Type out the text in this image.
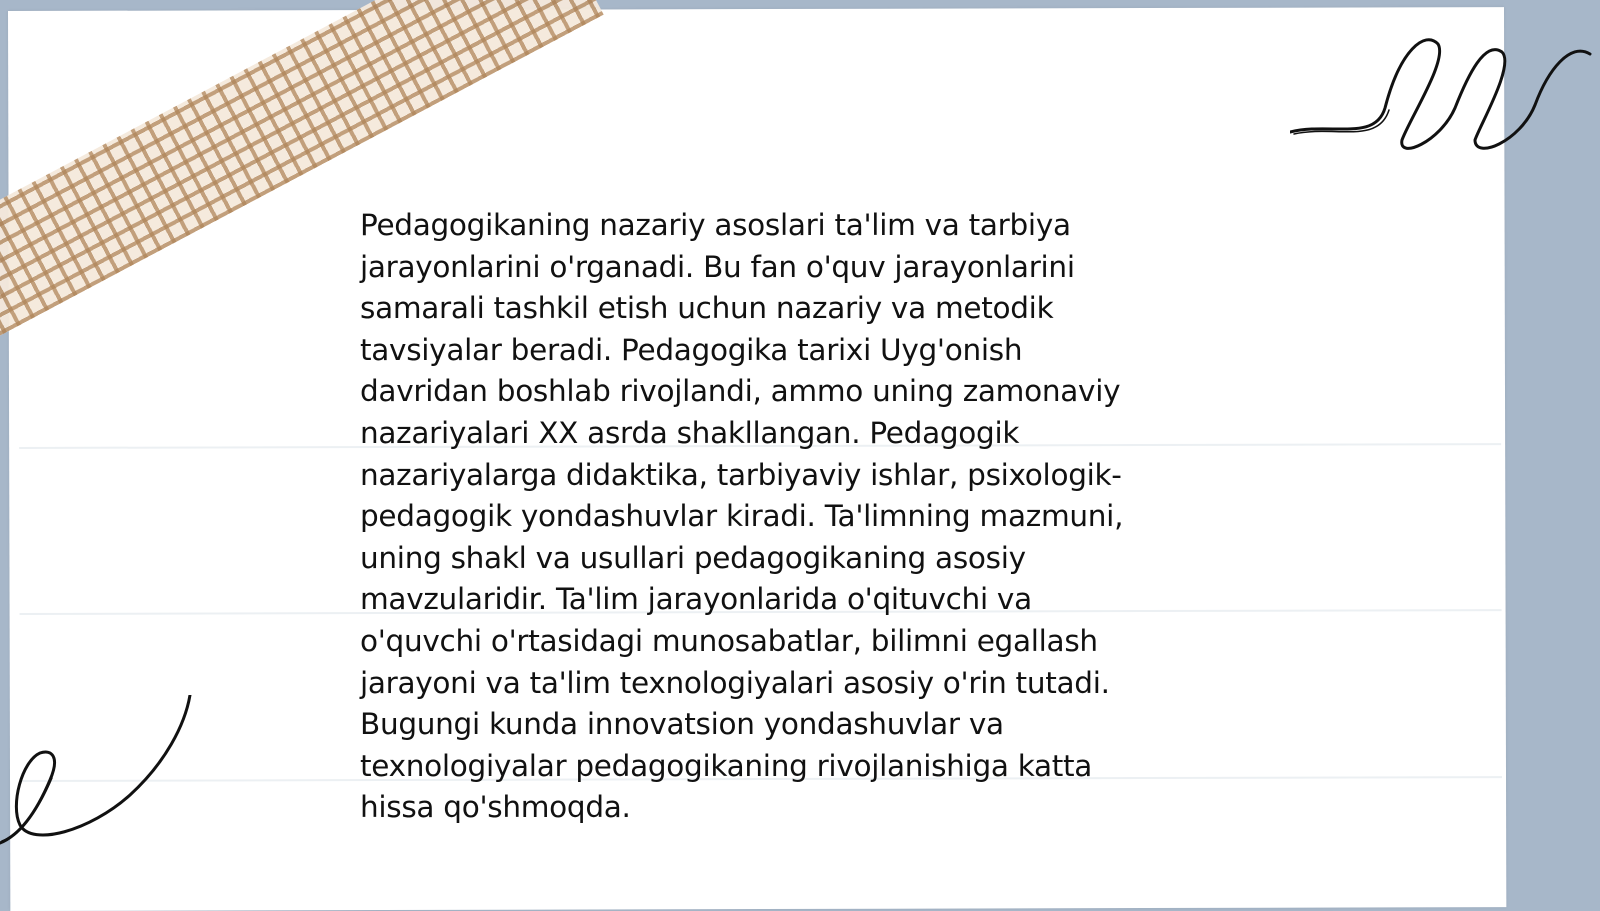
Pedagogikaning nazariy asoslari ta'lim va tarbiya
jarayonlarini o'rganadi. Bu fan o'quv jarayonlarini
samarali tashkil etish uchun nazariy va metodik
tavsiyalar beradi. Pedagogika tarixi Uyg'onish
davridan boshlab rivojlandi, ammo uning zamonaviy
nazariyalari XX asrda shakllangan. Pedagogik
nazariyalarga didaktika, tarbiyaviy ishlar, psixologik-
pedagogik yondashuvlar kiradi. Ta'limning mazmuni,
uning shakl va usullari pedagogikaning asosiy
mavzularidir. Ta'lim jarayonlarida o'qituvchi va
o'quvchi o'rtasidagi munosabatlar, bilimni egallash
jarayoni va ta'lim texnologiyalari asosiy o'rin tutadi.
Bugungi kunda innovatsion yondashuvlar va
texnologiyalar pedagogikaning rivojlanishiga katta
hissa qo'shmoqda.
